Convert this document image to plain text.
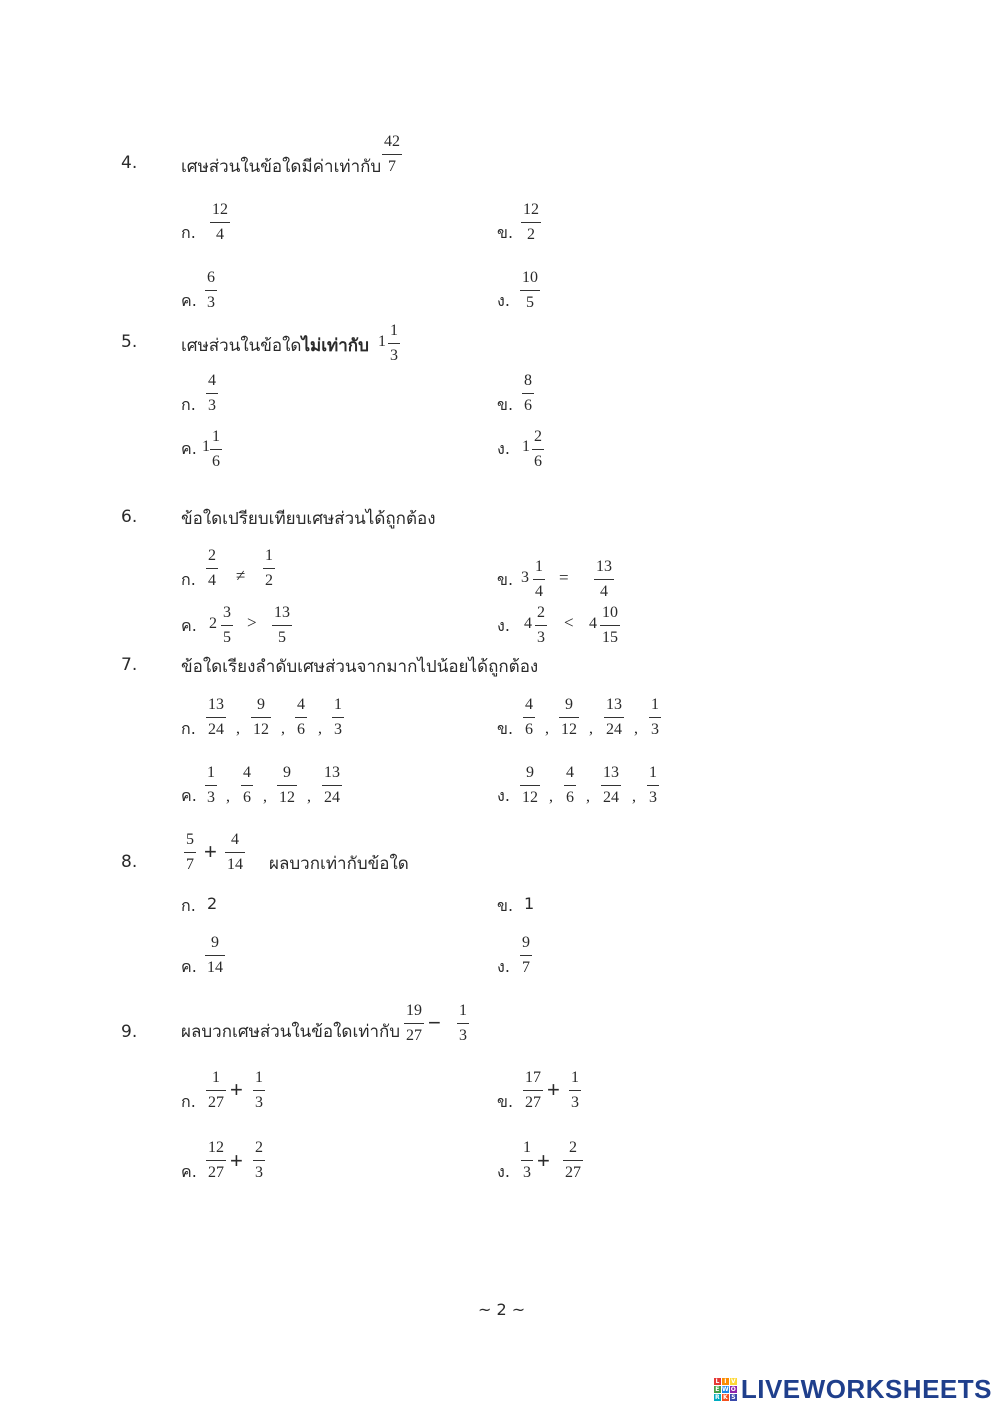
4.	เศษส่วนในข้อใดมีค่าเท่ากับ
42
7
ก.
12
4	ข.
12
2
ค.
6
3	ง.
10
5
5.	เศษส่วนในข้อใดไม่เท่ากับ 1
1
3
ก.
4
3	ข.
8
6
ค. 1
1
6
ง. 1
2
6
6.	ข้อใดเปรียบเทียบเศษส่วนได้ถูกต้อง
ก.
2
4 ≠
1
2	ข. 3
1
4
=
13
4
ค. 2
3
5
>
13
5
ง. 4
2
3
< 4
10
15
7.	ข้อใดเรียงลำดับเศษส่วนจากมากไปน้อยได้ถูกต้อง
ก.
13
24 ,
9
12 ,
4
6 ,
1
3	ข.
4
6 ,
9
12 ,
13
24 ,
1
3
ค.
1
3 ,
4
6 ,
9
12 ,
13
24	ง.
9
12 ,
4
6 ,
13
24 ,
1
3
8.
5
7
+ 4
14 ผลบวกเท่ากับข้อใด
ก. 2	ข. 1
ค.
9
14	ง.
9
7
9.	ผลบวกเศษส่วนในข้อใดเท่ากับ
19
27
− 1
3
ก.
1
27
+ 1
3	ข.
17
27
+ 1
3
ค.
12
27 +
2
3	ง.
1
3 +
2
27
~ 2 ~
L I V
E W O
R K S LIVEWORKSHEETS
